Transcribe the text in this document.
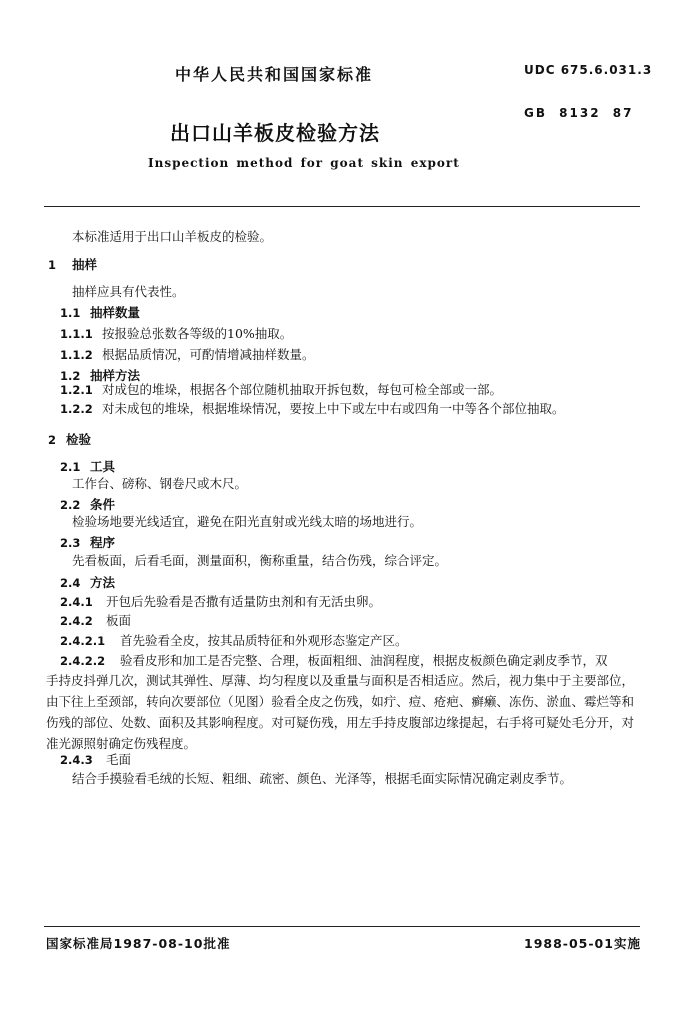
中华人民共和国国家标准	UDC 675.6.031.3
GB 8132 87
出口山羊板皮检验方法
Inspection method for goat skin export
本标准适用于出口山羊板皮的检验。
1 抽样
抽样应具有代表性。
1.1 抽样数量
1.1.1 按报验总张数各等级的10%抽取。
1.1.2 根据品质情况，可酌情增减抽样数量。
1.2 抽样方法
1.2.1 对成包的堆垛，根据各个部位随机抽取开拆包数，每包可检全部或一部。
1.2.2 对未成包的堆垛，根据堆垛情况，要按上中下或左中右或四角一中等各个部位抽取。
2 检验
2.1 工具
工作台、磅称、钢卷尺或木尺。
2.2 条件
检验场地要光线适宜，避免在阳光直射或光线太暗的场地进行。
2.3 程序
先看板面，后看毛面，测量面积，衡称重量，结合伤残，综合评定。
2.4 方法
2.4.1 开包后先验看是否撒有适量防虫剂和有无活虫卵。
2.4.2 板面
2.4.2.1 首先验看全皮，按其品质特征和外观形态鉴定产区。
2.4.2.2 验看皮形和加工是否完整、合理，板面粗细、油润程度，根据皮板颜色确定剥皮季节，双
手持皮抖弹几次，测试其弹性、厚薄、均匀程度以及重量与面积是否相适应。然后，视力集中于主要部位，由下往上至颈部，转向次要部位（见图）验看全皮之伤残，如疔、痘、疮疤、癣癞、冻伤、淤血、霉烂等和伤残的部位、处数、面积及其影响程度。对可疑伤残，用左手持皮腹部边缘提起，右手将可疑处毛分开，对准光源照射确定伤残程度。
2.4.3 毛面
结合手摸验看毛绒的长短、粗细、疏密、颜色、光泽等，根据毛面实际情况确定剥皮季节。
国家标准局1987-08-10批准	1988-05-01实施
